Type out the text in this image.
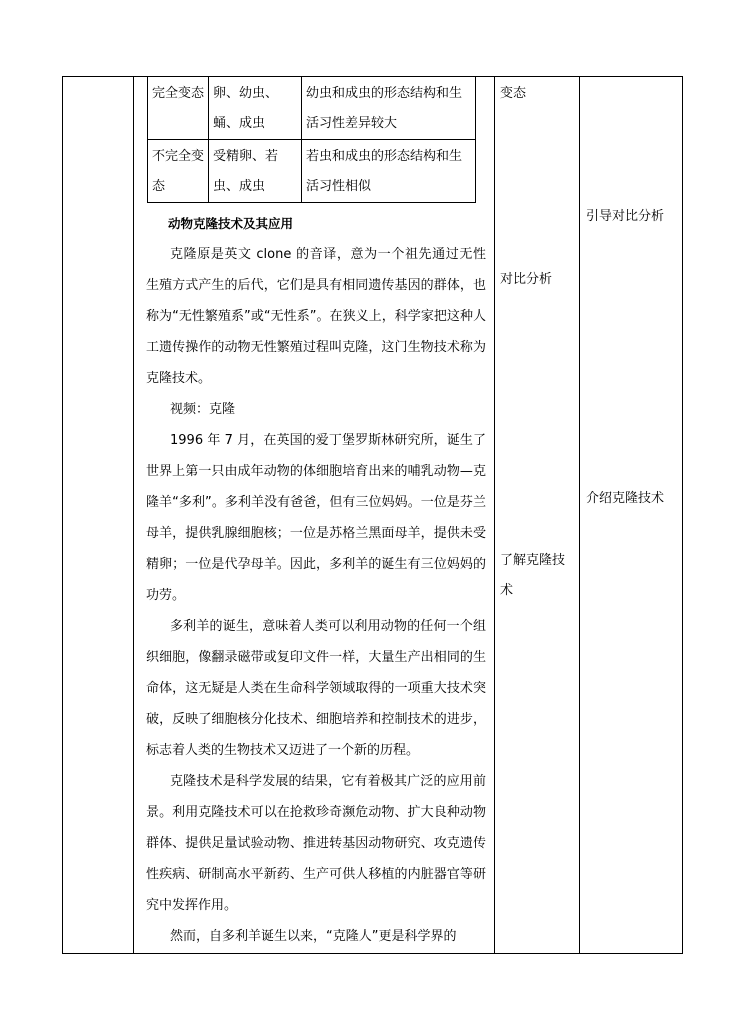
完全变态	卵、幼虫、蛹、成虫	幼虫和成虫的形态结构和生活习性差异较大
不完全变态	受精卵、若虫、成虫	若虫和成虫的形态结构和生活习性相似

动物克隆技术及其应用

克隆原是英文 clone 的音译，意为一个祖先通过无性生殖方式产生的后代，它们是具有相同遗传基因的群体，也称为“无性繁殖系”或“无性系”。在狭义上，科学家把这种人工遗传操作的动物无性繁殖过程叫克隆，这门生物技术称为克隆技术。

视频：克隆

1996 年 7 月，在英国的爱丁堡罗斯林研究所，诞生了世界上第一只由成年动物的体细胞培育出来的哺乳动物—克隆羊“多利”。多利羊没有爸爸，但有三位妈妈。一位是芬兰母羊，提供乳腺细胞核；一位是苏格兰黑面母羊，提供未受精卵；一位是代孕母羊。因此，多利羊的诞生有三位妈妈的功劳。

多利羊的诞生，意味着人类可以利用动物的任何一个组织细胞，像翻录磁带或复印文件一样，大量生产出相同的生命体，这无疑是人类在生命科学领域取得的一项重大技术突破，反映了细胞核分化技术、细胞培养和控制技术的进步，标志着人类的生物技术又迈进了一个新的历程。

克隆技术是科学发展的结果，它有着极其广泛的应用前景。利用克隆技术可以在抢救珍奇濒危动物、扩大良种动物群体、提供足量试验动物、推进转基因动物研究、攻克遗传性疾病、研制高水平新药、生产可供人移植的内脏器官等研究中发挥作用。

然而，自多利羊诞生以来，“克隆人”更是科学界的

变态
对比分析
了解克隆技术
引导对比分析
介绍克隆技术
